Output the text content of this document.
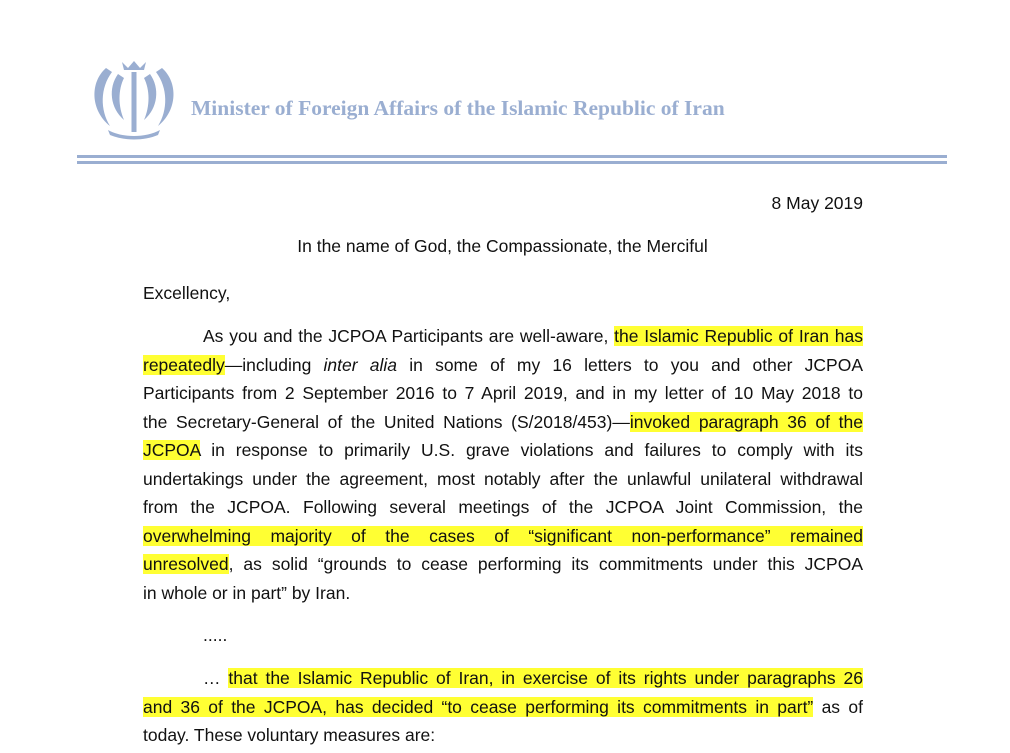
Minister of Foreign Affairs of the Islamic Republic of Iran
8 May 2019
In the name of God, the Compassionate, the Merciful
Excellency,
As you and the JCPOA Participants are well-aware, the Islamic Republic of Iran has
repeatedly—including inter alia in some of my 16 letters to you and other JCPOA
Participants from 2 September 2016 to 7 April 2019, and in my letter of 10 May 2018 to
the Secretary-General of the United Nations (S/2018/453)—invoked paragraph 36 of the
JCPOA in response to primarily U.S. grave violations and failures to comply with its
undertakings under the agreement, most notably after the unlawful unilateral withdrawal
from the JCPOA. Following several meetings of the JCPOA Joint Commission, the
overwhelming majority of the cases of “significant non-performance” remained
unresolved, as solid “grounds to cease performing its commitments under this JCPOA
in whole or in part” by Iran.
.....
… that the Islamic Republic of Iran, in exercise of its rights under paragraphs 26
and 36 of the JCPOA, has decided “to cease performing its commitments in part” as of
today. These voluntary measures are:
